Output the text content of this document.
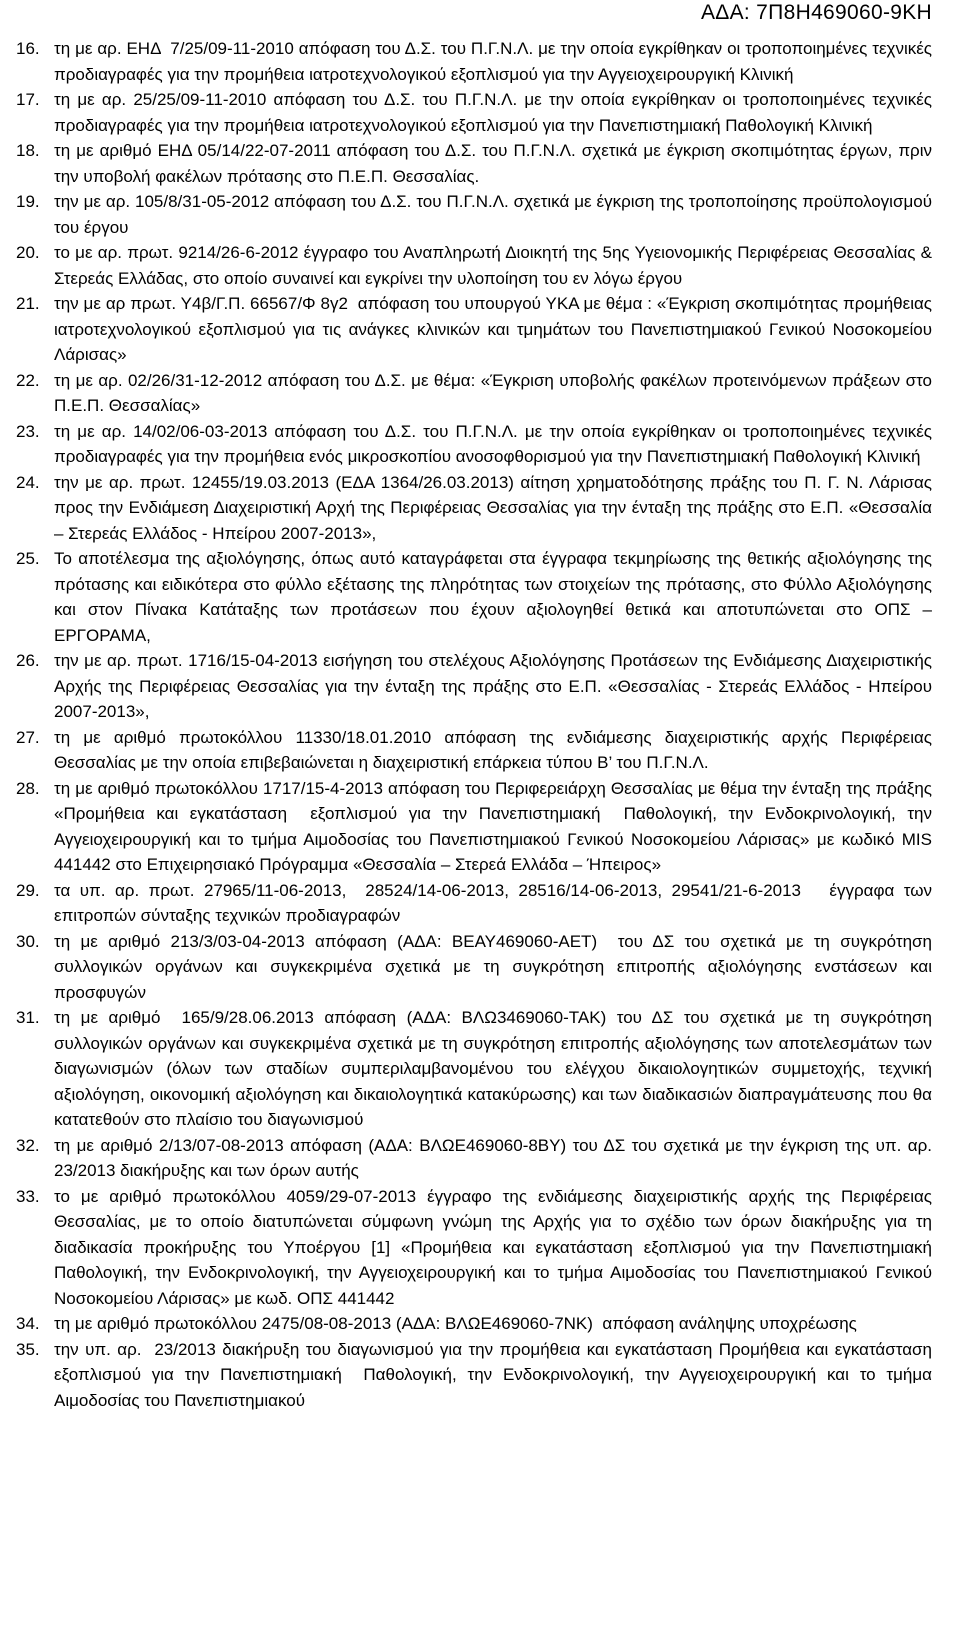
ΑΔΑ: 7Π8Η469060-9ΚΗ
16. τη με αρ. ΕΗΔ  7/25/09-11-2010 απόφαση του Δ.Σ. του Π.Γ.Ν.Λ. με την οποία εγκρίθηκαν οι τροποποιημένες τεχνικές προδιαγραφές για την προμήθεια ιατροτεχνολογικού εξοπλισμού για την Αγγειοχειρουργική Κλινική
17. τη με αρ. 25/25/09-11-2010 απόφαση του Δ.Σ. του Π.Γ.Ν.Λ. με την οποία εγκρίθηκαν οι τροποποιημένες τεχνικές προδιαγραφές για την προμήθεια ιατροτεχνολογικού εξοπλισμού για την Πανεπιστημιακή Παθολογική Κλινική
18. τη με αριθμό ΕΗΔ 05/14/22-07-2011 απόφαση του Δ.Σ. του Π.Γ.Ν.Λ. σχετικά με έγκριση σκοπιμότητας έργων, πριν την υποβολή φακέλων πρότασης στο Π.Ε.Π. Θεσσαλίας.
19. την με αρ. 105/8/31-05-2012 απόφαση του Δ.Σ. του Π.Γ.Ν.Λ. σχετικά με έγκριση της τροποποίησης προϋπολογισμού του έργου
20. το με αρ. πρωτ. 9214/26-6-2012 έγγραφο του Αναπληρωτή Διοικητή της 5ης Υγειονομικής Περιφέρειας Θεσσαλίας & Στερεάς Ελλάδας, στο οποίο συναινεί και εγκρίνει την υλοποίηση του εν λόγω έργου
21. την με αρ πρωτ. Υ4β/Γ.Π. 66567/Φ 8γ2  απόφαση του υπουργού ΥΚΑ με θέμα : «Έγκριση σκοπιμότητας προμήθειας ιατροτεχνολογικού εξοπλισμού για τις ανάγκες κλινικών και τμημάτων του Πανεπιστημιακού Γενικού Νοσοκομείου Λάρισας»
22. τη με αρ. 02/26/31-12-2012 απόφαση του Δ.Σ. με θέμα: «Έγκριση υποβολής φακέλων προτεινόμενων πράξεων στο Π.Ε.Π. Θεσσαλίας»
23. τη με αρ. 14/02/06-03-2013 απόφαση του Δ.Σ. του Π.Γ.Ν.Λ. με την οποία εγκρίθηκαν οι τροποποιημένες τεχνικές προδιαγραφές για την προμήθεια ενός μικροσκοπίου ανοσοφθορισμού για την Πανεπιστημιακή Παθολογική Κλινική
24. την με αρ. πρωτ. 12455/19.03.2013 (ΕΔΑ 1364/26.03.2013) αίτηση χρηματοδότησης πράξης του Π. Γ. Ν. Λάρισας προς την Ενδιάμεση Διαχειριστική Αρχή της Περιφέρειας Θεσσαλίας για την ένταξη της πράξης στο Ε.Π. «Θεσσαλία – Στερεάς Ελλάδος - Ηπείρου 2007-2013»,
25. Το αποτέλεσμα της αξιολόγησης, όπως αυτό καταγράφεται στα έγγραφα τεκμηρίωσης της θετικής αξιολόγησης της πρότασης και ειδικότερα στο φύλλο εξέτασης της πληρότητας των στοιχείων της πρότασης, στο Φύλλο Αξιολόγησης και στον Πίνακα Κατάταξης των προτάσεων που έχουν αξιολογηθεί θετικά και αποτυπώνεται στο ΟΠΣ – ΕΡΓΟΡΑΜΑ,
26. την με αρ. πρωτ. 1716/15-04-2013 εισήγηση του στελέχους Αξιολόγησης Προτάσεων της Ενδιάμεσης Διαχειριστικής Αρχής της Περιφέρειας Θεσσαλίας για την ένταξη της πράξης στο Ε.Π. «Θεσσαλίας - Στερεάς Ελλάδος - Ηπείρου 2007-2013»,
27. τη με αριθμό πρωτοκόλλου 11330/18.01.2010 απόφαση της ενδιάμεσης διαχειριστικής αρχής Περιφέρειας Θεσσαλίας με την οποία επιβεβαιώνεται η διαχειριστική επάρκεια τύπου Β’ του Π.Γ.Ν.Λ.
28. τη με αριθμό πρωτοκόλλου 1717/15-4-2013 απόφαση του Περιφερειάρχη Θεσσαλίας με θέμα την ένταξη της πράξης «Προμήθεια και εγκατάσταση  εξοπλισμού για την Πανεπιστημιακή  Παθολογική, την Ενδοκρινολογική, την Αγγειοχειρουργική και το τμήμα Αιμοδοσίας του Πανεπιστημιακού Γενικού Νοσοκομείου Λάρισας» με κωδικό MIS 441442 στο Επιχειρησιακό Πρόγραμμα «Θεσσαλία – Στερεά Ελλάδα – Ήπειρος»
29. τα υπ. αρ. πρωτ. 27965/11-06-2013,  28524/14-06-2013, 28516/14-06-2013, 29541/21-6-2013   έγγραφα των επιτροπών σύνταξης τεχνικών προδιαγραφών
30. τη με αριθμό 213/3/03-04-2013 απόφαση (ΑΔΑ: ΒΕΑΥ469060-ΑΕΤ)  του ΔΣ του σχετικά με τη συγκρότηση συλλογικών οργάνων και συγκεκριμένα σχετικά με τη συγκρότηση επιτροπής αξιολόγησης ενστάσεων και προσφυγών
31. τη με αριθμό  165/9/28.06.2013 απόφαση (ΑΔΑ: ΒΛΩ3469060-ΤΑΚ) του ΔΣ του σχετικά με τη συγκρότηση συλλογικών οργάνων και συγκεκριμένα σχετικά με τη συγκρότηση επιτροπής αξιολόγησης των αποτελεσμάτων των διαγωνισμών (όλων των σταδίων συμπεριλαμβανομένου του ελέγχου δικαιολογητικών συμμετοχής, τεχνική αξιολόγηση, οικονομική αξιολόγηση και δικαιολογητικά κατακύρωσης) και των διαδικασιών διαπραγμάτευσης που θα κατατεθούν στο πλαίσιο του διαγωνισμού
32. τη με αριθμό 2/13/07-08-2013 απόφαση (ΑΔΑ: ΒΛΩΕ469060-8ΒΥ) του ΔΣ του σχετικά με την έγκριση της υπ. αρ. 23/2013 διακήρυξης και των όρων αυτής
33. το με αριθμό πρωτοκόλλου 4059/29-07-2013 έγγραφο της ενδιάμεσης διαχειριστικής αρχής της Περιφέρειας Θεσσαλίας, με το οποίο διατυπώνεται σύμφωνη γνώμη της Αρχής για το σχέδιο των όρων διακήρυξης για τη διαδικασία προκήρυξης του Υπoέργου [1] «Προμήθεια και εγκατάσταση εξοπλισμού για την Πανεπιστημιακή  Παθολογική, την Ενδοκρινολογική, την Αγγειοχειρουργική και το τμήμα Αιμοδοσίας του Πανεπιστημιακού Γενικού Νοσοκομείου Λάρισας» με κωδ. ΟΠΣ 441442
34. τη με αριθμό πρωτοκόλλου 2475/08-08-2013 (ΑΔΑ: ΒΛΩΕ469060-7ΝΚ)  απόφαση ανάληψης υποχρέωσης
35. την υπ. αρ.  23/2013 διακήρυξη του διαγωνισμού για την προμήθεια και εγκατάσταση Προμήθεια και εγκατάσταση εξοπλισμού για την Πανεπιστημιακή  Παθολογική, την Ενδοκρινολογική, την Αγγειοχειρουργική και το τμήμα Αιμοδοσίας του Πανεπιστημιακού
